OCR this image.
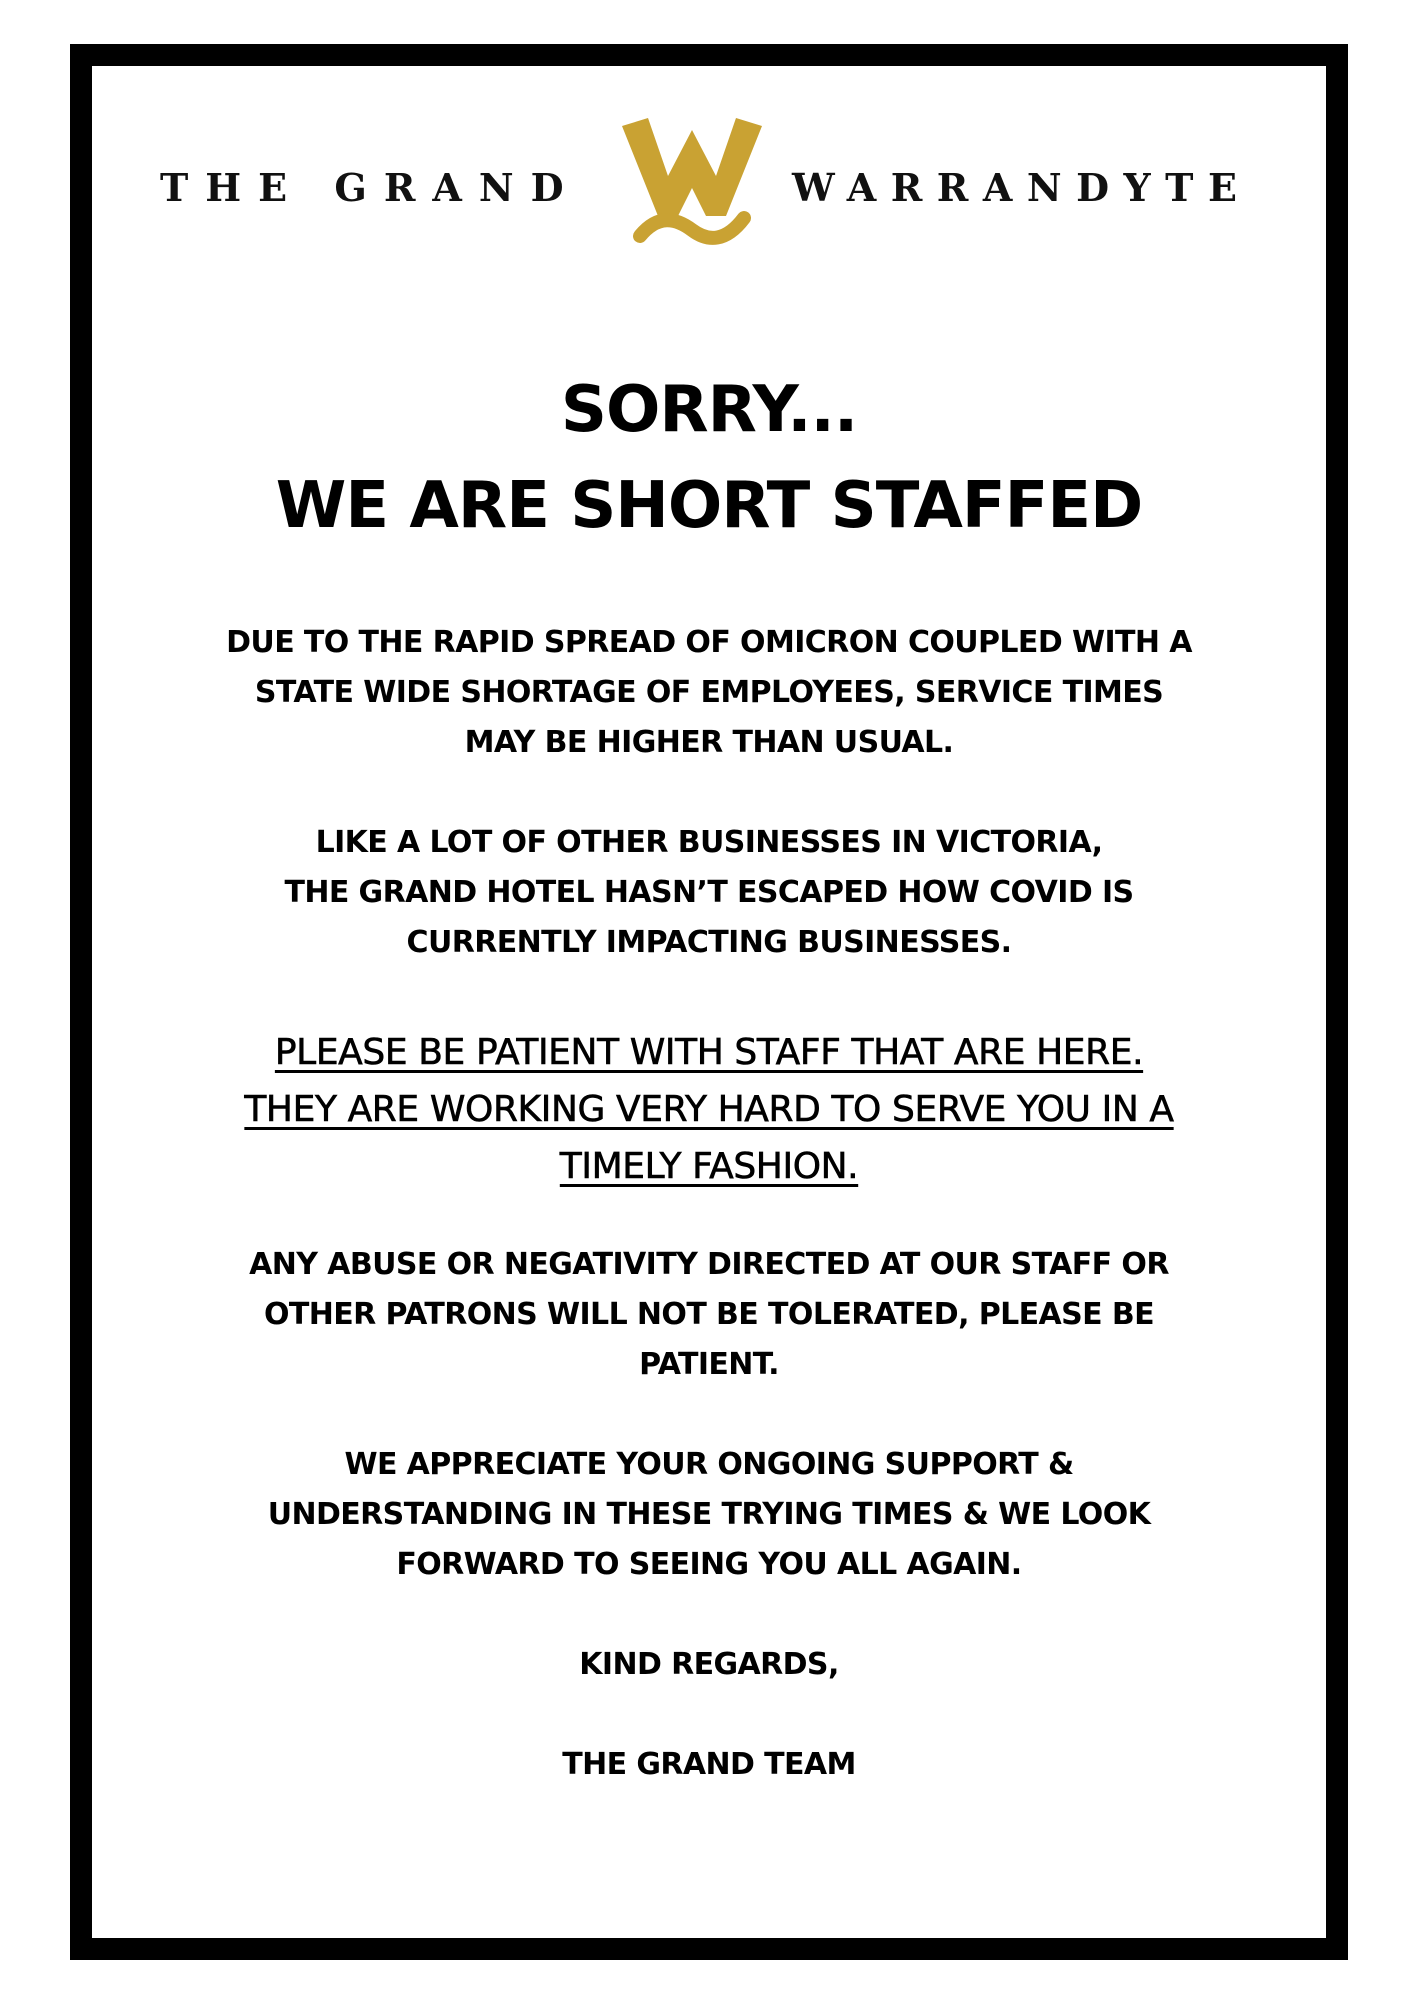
THE GRAND	WARRANDYTE
SORRY...
WE ARE SHORT STAFFED
DUE TO THE RAPID SPREAD OF OMICRON COUPLED WITH A
STATE WIDE SHORTAGE OF EMPLOYEES, SERVICE TIMES
MAY BE HIGHER THAN USUAL.
LIKE A LOT OF OTHER BUSINESSES IN VICTORIA,
THE GRAND HOTEL HASN’T ESCAPED HOW COVID IS
CURRENTLY IMPACTING BUSINESSES.
PLEASE BE PATIENT WITH STAFF THAT ARE HERE.
THEY ARE WORKING VERY HARD TO SERVE YOU IN A
TIMELY FASHION.
ANY ABUSE OR NEGATIVITY DIRECTED AT OUR STAFF OR
OTHER PATRONS WILL NOT BE TOLERATED, PLEASE BE
PATIENT.
WE APPRECIATE YOUR ONGOING SUPPORT &
UNDERSTANDING IN THESE TRYING TIMES & WE LOOK
FORWARD TO SEEING YOU ALL AGAIN.
KIND REGARDS,
THE GRAND TEAM
